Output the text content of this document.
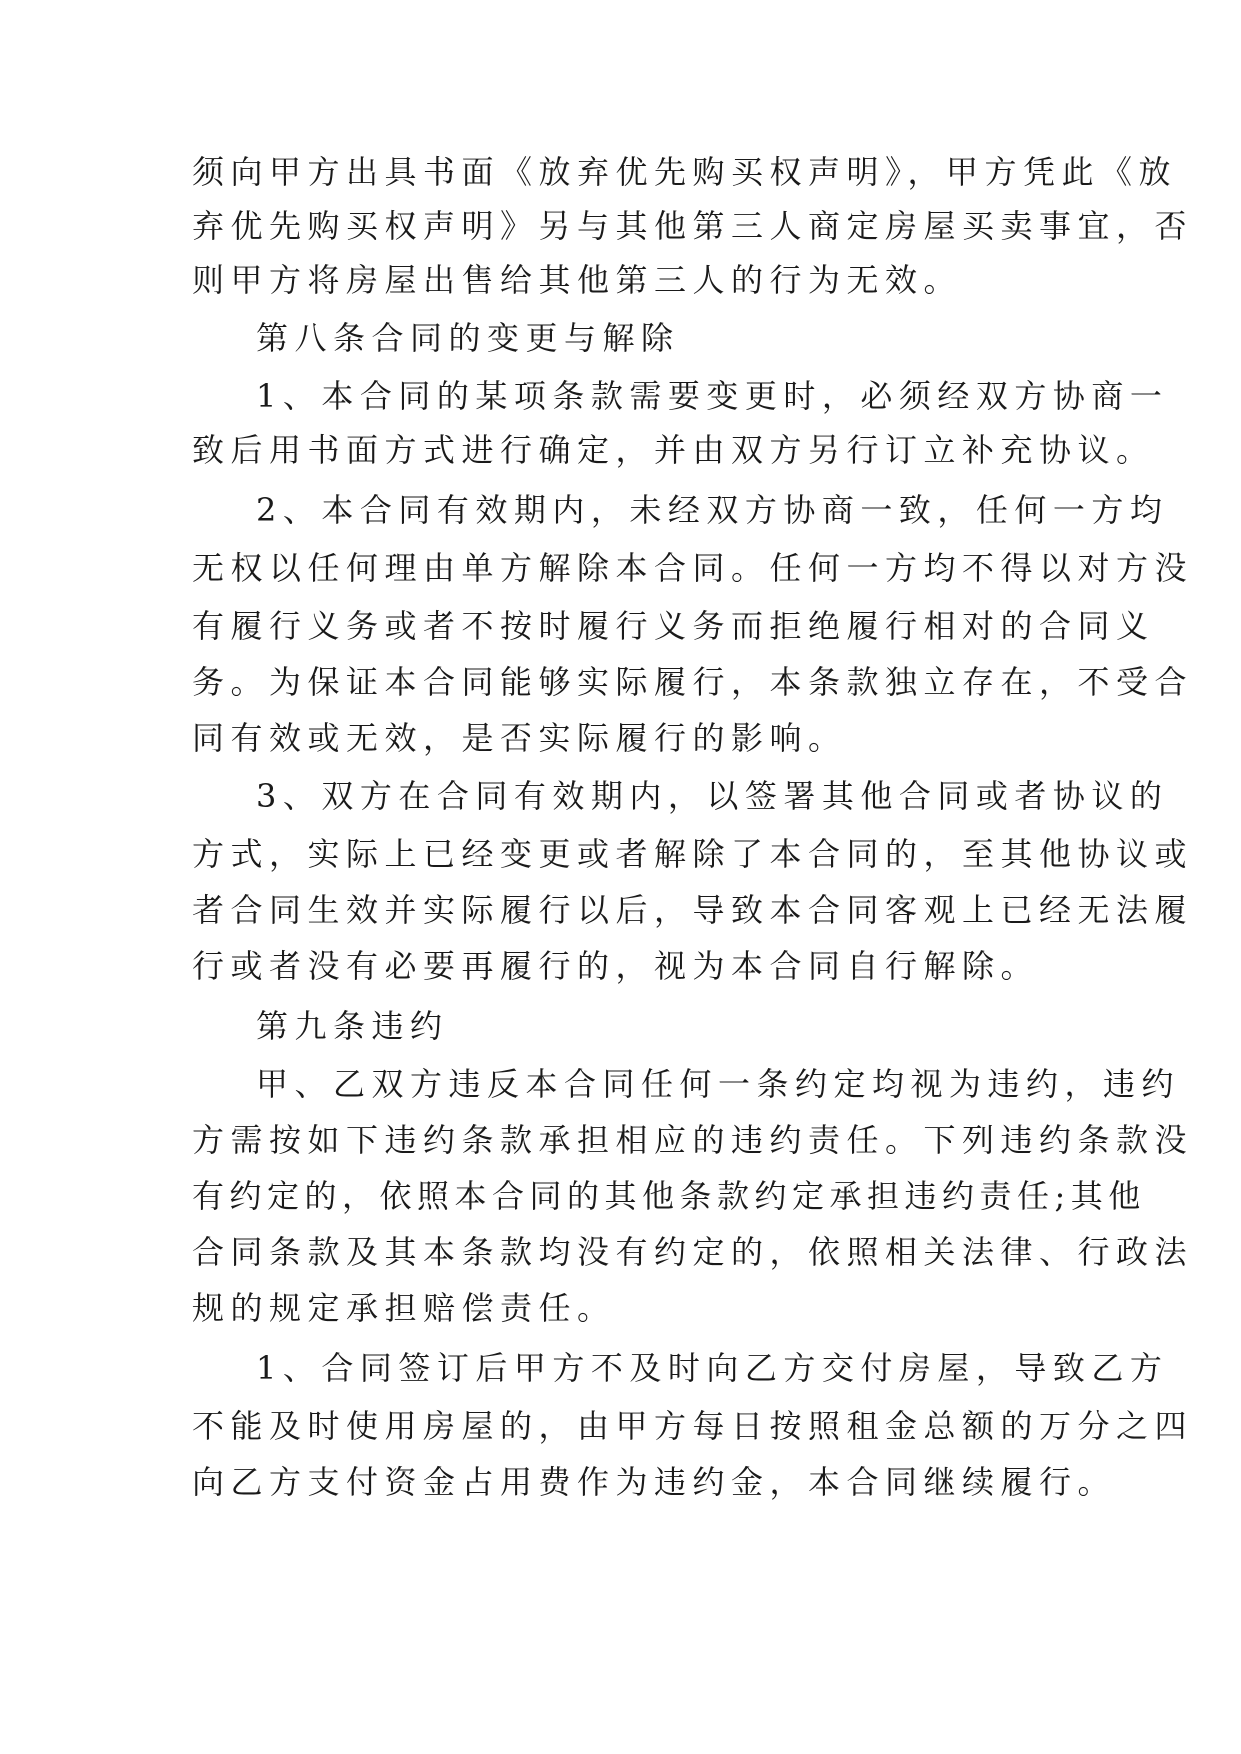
须向甲方出具书面《放弃优先购买权声明》，甲方凭此《放
弃优先购买权声明》另与其他第三人商定房屋买卖事宜，否
则甲方将房屋出售给其他第三人的行为无效。
第八条合同的变更与解除
1、本合同的某项条款需要变更时，必须经双方协商一
致后用书面方式进行确定，并由双方另行订立补充协议。
2、本合同有效期内，未经双方协商一致，任何一方均
无权以任何理由单方解除本合同。任何一方均不得以对方没
有履行义务或者不按时履行义务而拒绝履行相对的合同义
务。为保证本合同能够实际履行，本条款独立存在，不受合
同有效或无效，是否实际履行的影响。
3、双方在合同有效期内，以签署其他合同或者协议的
方式，实际上已经变更或者解除了本合同的，至其他协议或
者合同生效并实际履行以后，导致本合同客观上已经无法履
行或者没有必要再履行的，视为本合同自行解除。
第九条违约
甲、乙双方违反本合同任何一条约定均视为违约，违约
方需按如下违约条款承担相应的违约责任。下列违约条款没
有约定的，依照本合同的其他条款约定承担违约责任;其他
合同条款及其本条款均没有约定的，依照相关法律、行政法
规的规定承担赔偿责任。
1、合同签订后甲方不及时向乙方交付房屋，导致乙方
不能及时使用房屋的，由甲方每日按照租金总额的万分之四
向乙方支付资金占用费作为违约金，本合同继续履行。
